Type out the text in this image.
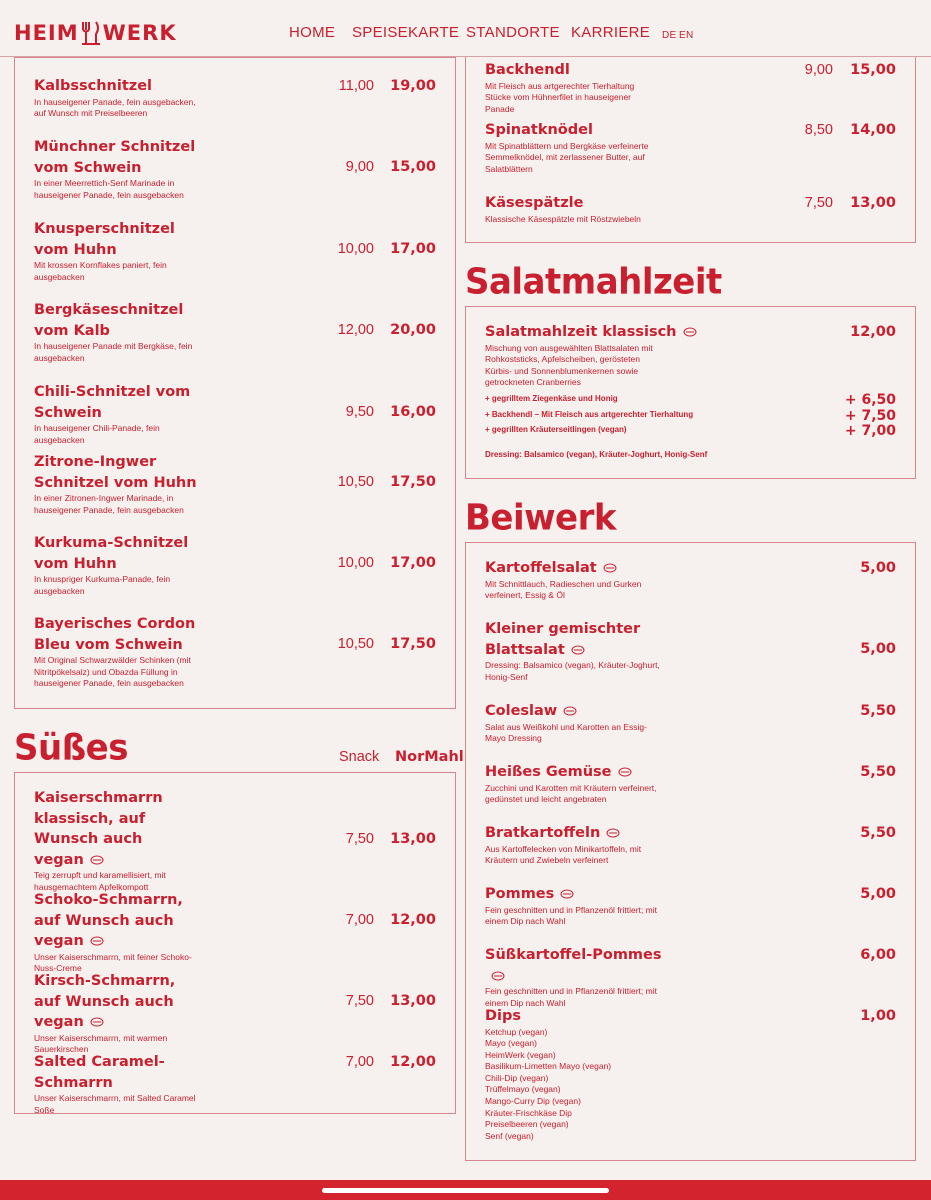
HEIM WERK	HOME SPEISEKARTE STANDORTE KARRIERE DE EN
Kalbsschnitzel
In hauseigener Panade, fein ausgebacken, auf Wunsch mit Preiselbeeren
11,00	19,00
Münchner Schnitzel vom Schwein
In einer Meerrettich-Senf Marinade in hauseigener Panade, fein ausgebacken
9,00	15,00
Knusperschnitzel vom Huhn
Mit krossen Kornflakes paniert, fein ausgebacken
10,00	17,00
Bergkäseschnitzel vom Kalb
In hauseigener Panade mit Bergkäse, fein ausgebacken
12,00	20,00
Chili-Schnitzel vom Schwein
In hauseigener Chili-Panade, fein ausgebacken
9,50	16,00
Zitrone-Ingwer Schnitzel vom Huhn
In einer Zitronen-Ingwer Marinade, in hauseigener Panade, fein ausgebacken
10,50	17,50
Kurkuma-Schnitzel vom Huhn
In knuspriger Kurkuma-Panade, fein ausgebacken
10,00	17,00
Bayerisches Cordon Bleu vom Schwein
Mit Original Schwarzwälder Schinken (mit Nitritpökelsalz) und Obazda Füllung in hauseigener Panade, fein ausgebacken
10,50	17,50
Süßes	Snack NorMahl
Kaiserschmarrn klassisch, auf Wunsch auch vegan
Teig zerrupft und karamellisiert, mit hausgemachtem Apfelkompott
7,50	13,00
Schoko-Schmarrn, auf Wunsch auch vegan
Unser Kaiserschmarrn, mit feiner Schoko-Nuss-Creme
7,00	12,00
Kirsch-Schmarrn, auf Wunsch auch vegan
Unser Kaiserschmarrn, mit warmen Sauerkirschen
7,50	13,00
Salted Caramel-Schmarrn
Unser Kaiserschmarrn, mit Salted Caramel Soße
7,00	12,00
Backhendl
Mit Fleisch aus artgerechter Tierhaltung Stücke vom Hühnerfilet in hauseigener Panade
9,00	15,00
Spinatknödel
Mit Spinatblättern und Bergkäse verfeinerte Semmelknödel, mit zerlassener Butter, auf Salatblättern
8,50	14,00
Käsespätzle
Klassische Käsespätzle mit Röstzwiebeln
7,50	13,00
Salatmahlzeit
Salatmahlzeit klassisch
Mischung von ausgewählten Blattsalaten mit Rohkoststicks, Apfelscheiben, gerösteten Kürbis- und Sonnenblumenkernen sowie getrockneten Cranberries
12,00
+ gegrilltem Ziegenkäse und Honig	+ 6,50
+ Backhendl – Mit Fleisch aus artgerechter Tierhaltung	+ 7,50
+ gegrillten Kräuterseitlingen (vegan)	+ 7,00
Dressing: Balsamico (vegan), Kräuter-Joghurt, Honig-Senf
Beiwerk
Kartoffelsalat
Mit Schnittlauch, Radieschen und Gurken verfeinert, Essig & Öl
5,00
Kleiner gemischter Blattsalat
Dressing: Balsamico (vegan), Kräuter-Joghurt, Honig-Senf
5,00
Coleslaw
Salat aus Weißkohl und Karotten an Essig-Mayo Dressing
5,50
Heißes Gemüse
Zucchini und Karotten mit Kräutern verfeinert, gedünstet und leicht angebraten
5,50
Bratkartoffeln
Aus Kartoffelecken von Minikartoffeln, mit Kräutern und Zwiebeln verfeinert
5,50
Pommes
Fein geschnitten und in Pflanzenöl frittiert; mit einem Dip nach Wahl
5,00
Süßkartoffel-Pommes
Fein geschnitten und in Pflanzenöl frittiert; mit einem Dip nach Wahl
6,00
Dips
Ketchup (vegan)
Mayo (vegan)
HeimWerk (vegan)
Basilikum-Limetten Mayo (vegan)
Chili-Dip (vegan)
Trüffelmayo (vegan)
Mango-Curry Dip (vegan)
Kräuter-Frischkäse Dip
Preiselbeeren (vegan)
Senf (vegan)
1,00
